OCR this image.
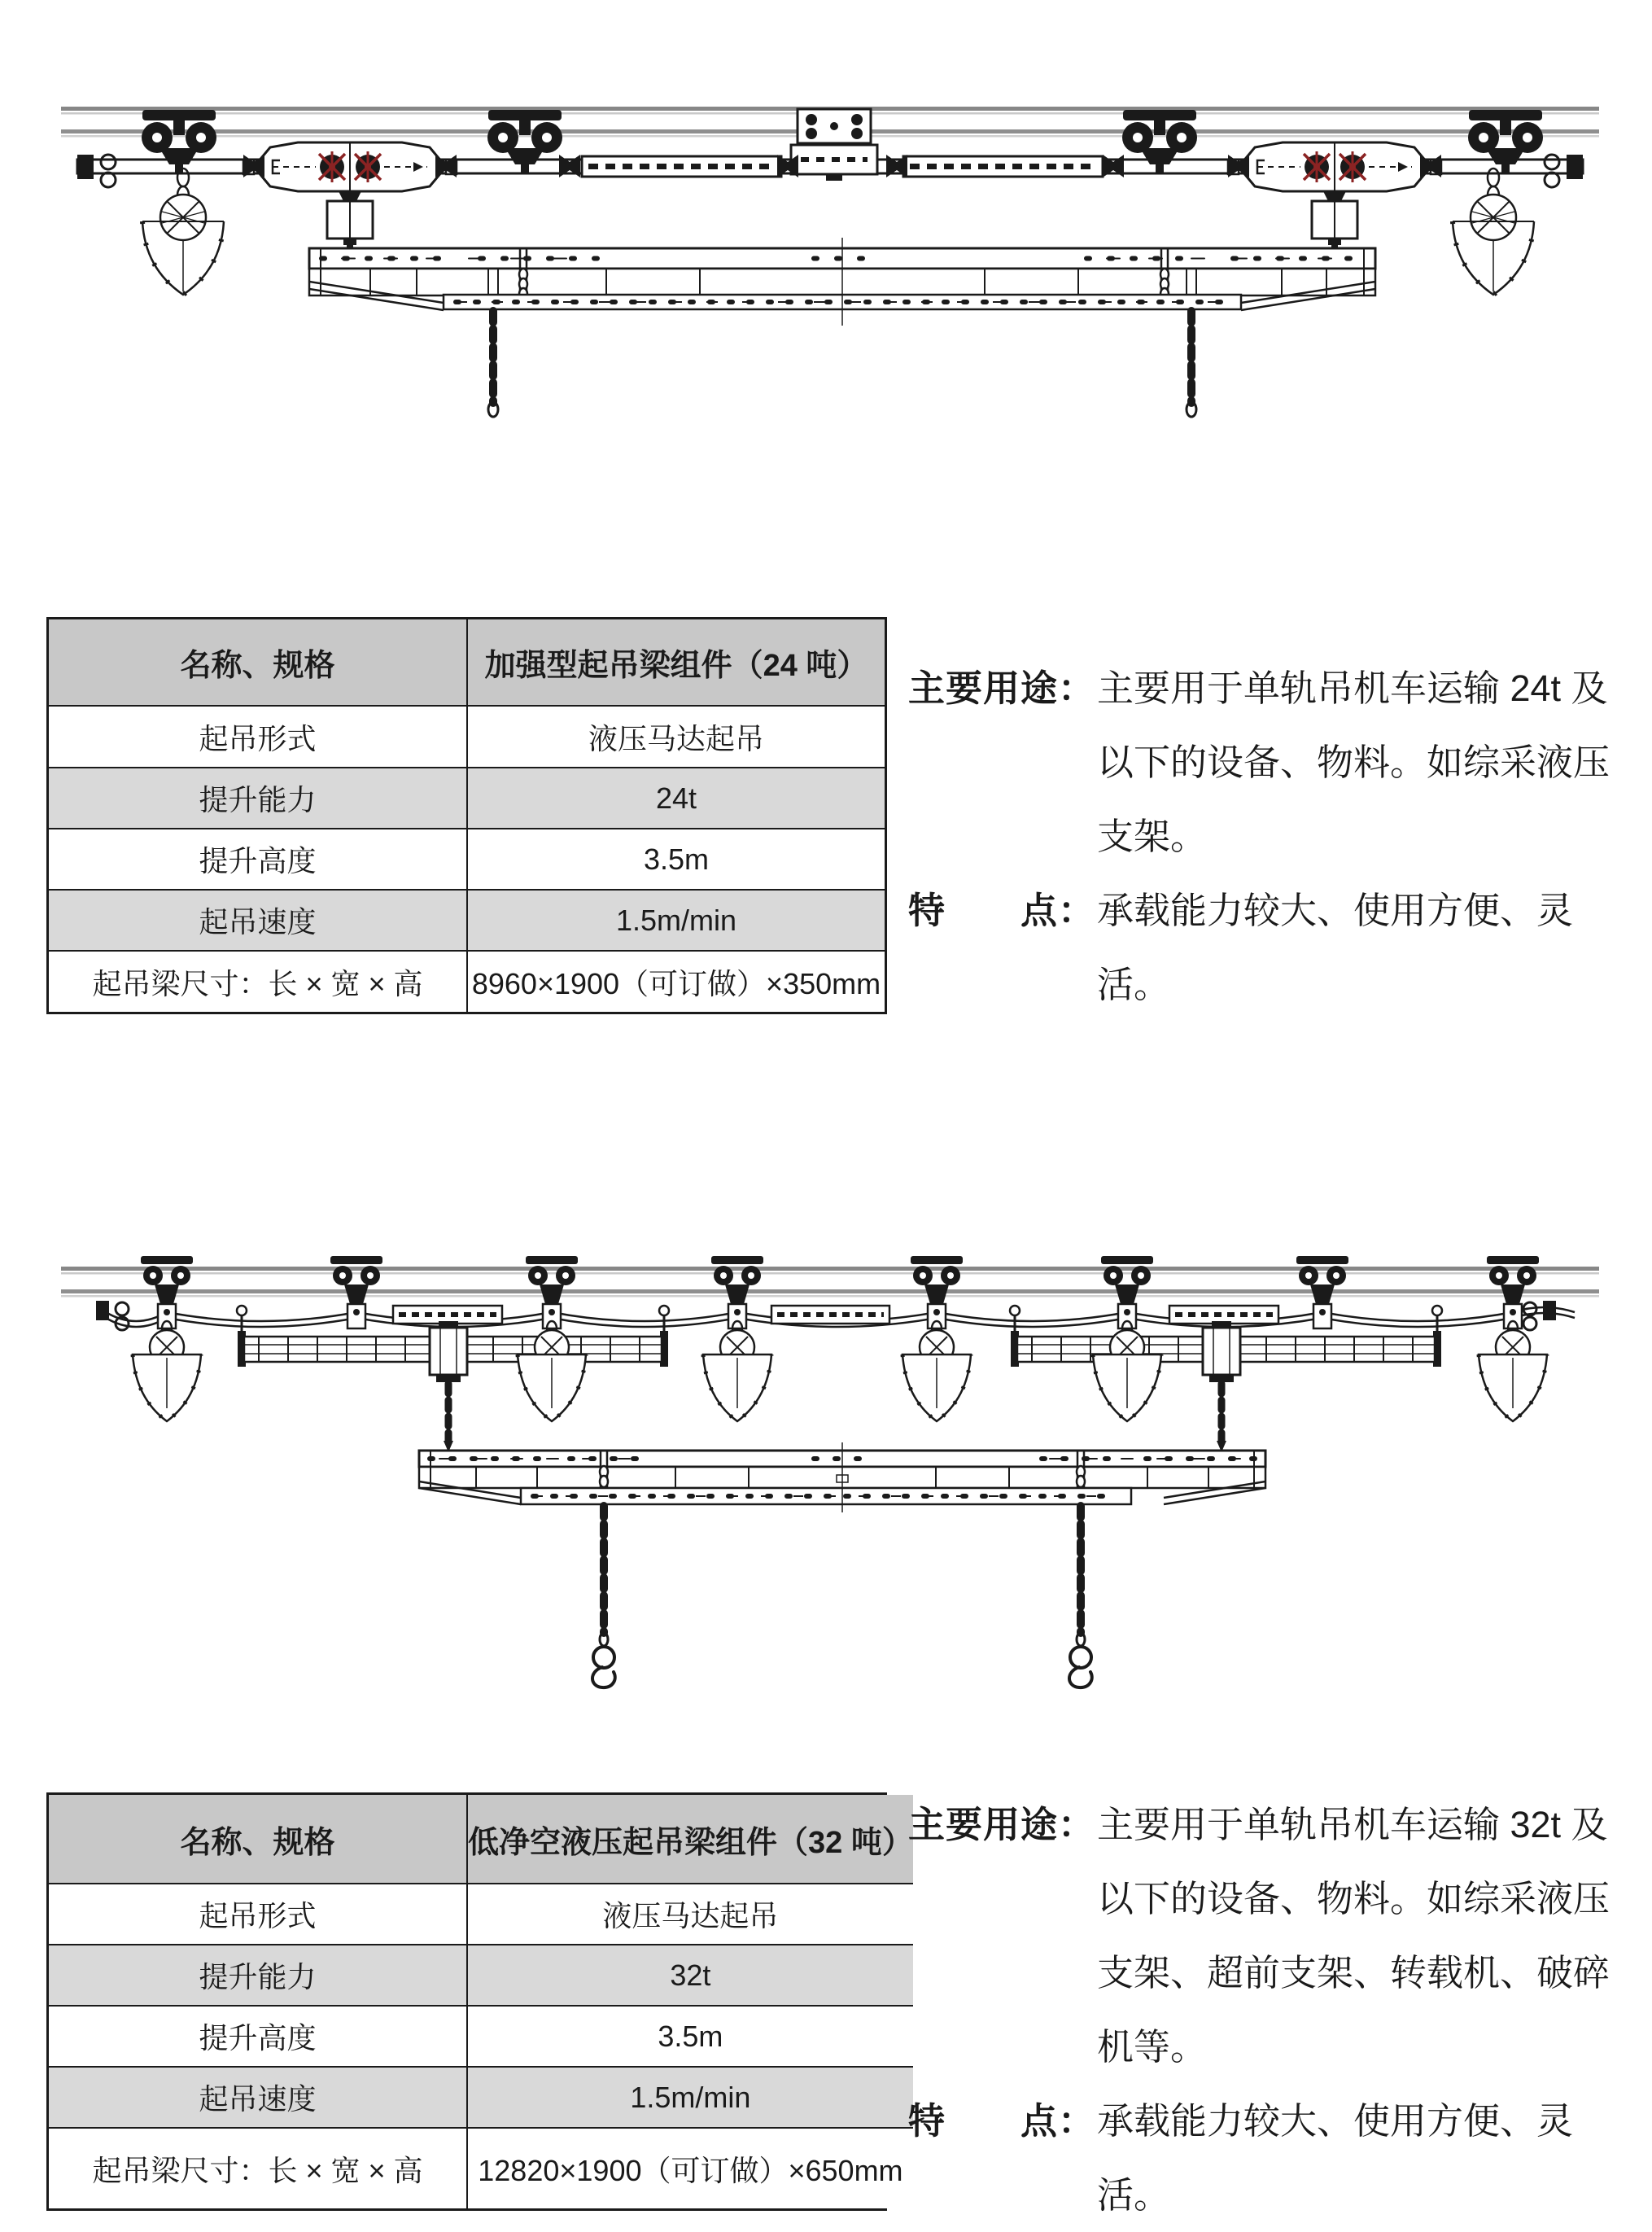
名称、规格	加强型起吊梁组件（24 吨）
起吊形式	液压马达起吊
提升能力	24t
提升高度	3.5m
起吊速度	1.5m/min
起吊梁尺寸：长 × 宽 × 高	8960×1900（可订做）×350mm
主要用途： 主要用于单轨吊机车运输 24t 及
以下的设备、物料。如综采液压
支架。
特　　点： 承载能力较大、使用方便、灵活。
名称、规格	低净空液压起吊梁组件（32 吨）
起吊形式	液压马达起吊
提升能力	32t
提升高度	3.5m
起吊速度	1.5m/min
起吊梁尺寸：长 × 宽 × 高	12820×1900（可订做）×650mm
主要用途： 主要用于单轨吊机车运输 32t 及
以下的设备、物料。如综采液压
支架、超前支架、转载机、破碎
机等。
特　　点： 承载能力较大、使用方便、灵活。
